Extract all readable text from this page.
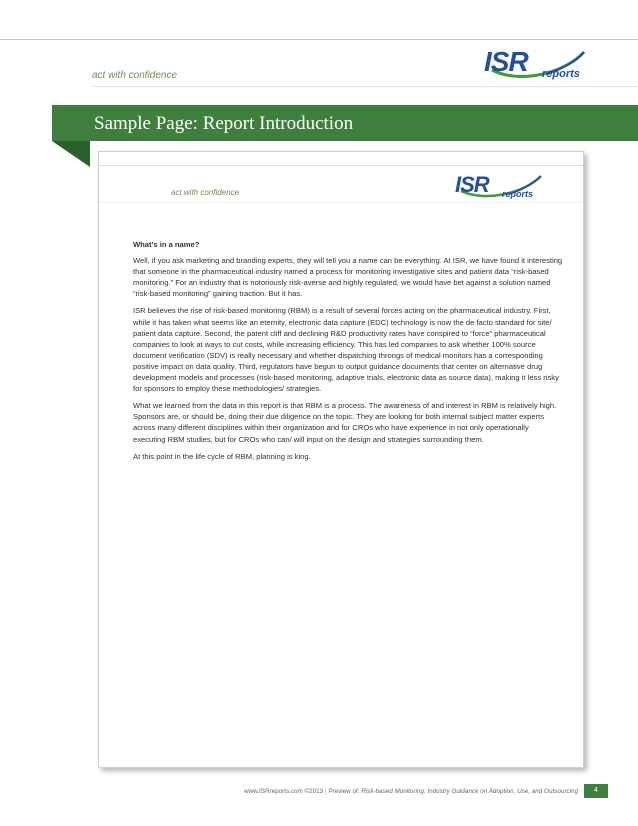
act with confidence	ISR reports
Sample Page: Report Introduction
act with confidence	ISR reports
What’s in a name?

Well, if you ask marketing and branding experts, they will tell you a name can be everything. At ISR, we have found it interesting that someone in the pharmaceutical industry named a process for monitoring investigative sites and patient data “risk-based monitoring.” For an industry that is notoriously risk-averse and highly regulated, we would have bet against a solution named “risk-based monitoring” gaining traction. But it has.

ISR believes the rise of risk-based monitoring (RBM) is a result of several forces acting on the pharmaceutical industry. First, while it has taken what seems like an eternity, electronic data capture (EDC) technology is now the de facto standard for site/ patient data capture. Second, the patent cliff and declining R&D productivity rates have conspired to “force” pharmaceutical companies to look at ways to cut costs, while increasing efficiency. This has led companies to ask whether 100% source document verification (SDV) is really necessary and whether dispatching throngs of medical monitors has a corresponding positive impact on data quality. Third, regulators have begun to output guidance documents that center on alternative drug development models and processes (risk-based monitoring, adaptive trials, electronic data as source data), making it less risky for sponsors to employ these methodologies/ strategies.

What we learned from the data in this report is that RBM is a process. The awareness of and interest in RBM is relatively high. Sponsors are, or should be, doing their due diligence on the topic. They are looking for both internal subject matter experts across many different disciplines within their organization and for CROs who have experience in not only operationally executing RBM studies, but for CROs who can/ will input on the design and strategies surrounding them.

At this point in the life cycle of RBM, planning is king.

www.ISRreports.com ©2013 | Preview of: Risk-based Monitoring: Industry Guidance on Adoption, Use, and Outsourcing	4
